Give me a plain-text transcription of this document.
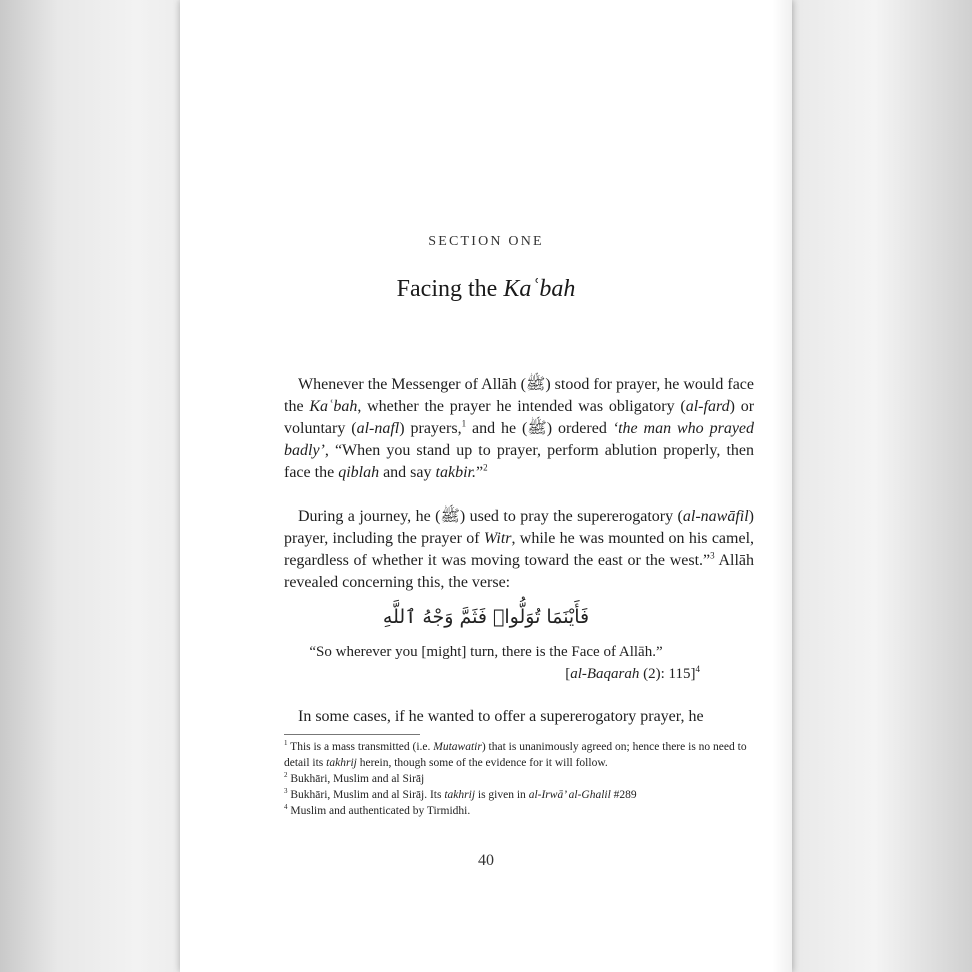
SECTION ONE
Facing the Kaʿbah
Whenever the Messenger of Allāh (ﷺ) stood for prayer, he would face the Kaʿbah, whether the prayer he intended was obligatory (al-fard) or voluntary (al-nafl) prayers,$^1$ and he (ﷺ) ordered ‘the man who prayed badly’, “When you stand up to prayer, perform ablution properly, then face the qiblah and say takbir.”$^2$
During a journey, he (ﷺ) used to pray the supererogatory (al-nawāfil) prayer, including the prayer of Witr, while he was mounted on his camel, regardless of whether it was moving toward the east or the west.”$^3$ Allāh revealed concerning this, the verse:
فَأَيْنَمَا تُوَلُّوا۟ فَثَمَّ وَجْهُ ٱللَّهِ
“So wherever you [might] turn, there is the Face of Allāh.”
[al-Baqarah (2): 115]$^4$
In some cases, if he wanted to offer a supererogatory prayer, he

$^1$ This is a mass transmitted (i.e. Mutawatir) that is unanimously agreed on; hence there is no need to detail its takhrij herein, though some of the evidence for it will follow.

$^2$ Bukhāri, Muslim and al Sirāj

$^3$ Bukhāri, Muslim and al Sirāj. Its takhrij is given in al-Irwā’ al-Ghalil #289

$^4$ Muslim and authenticated by Tirmidhi.

40
